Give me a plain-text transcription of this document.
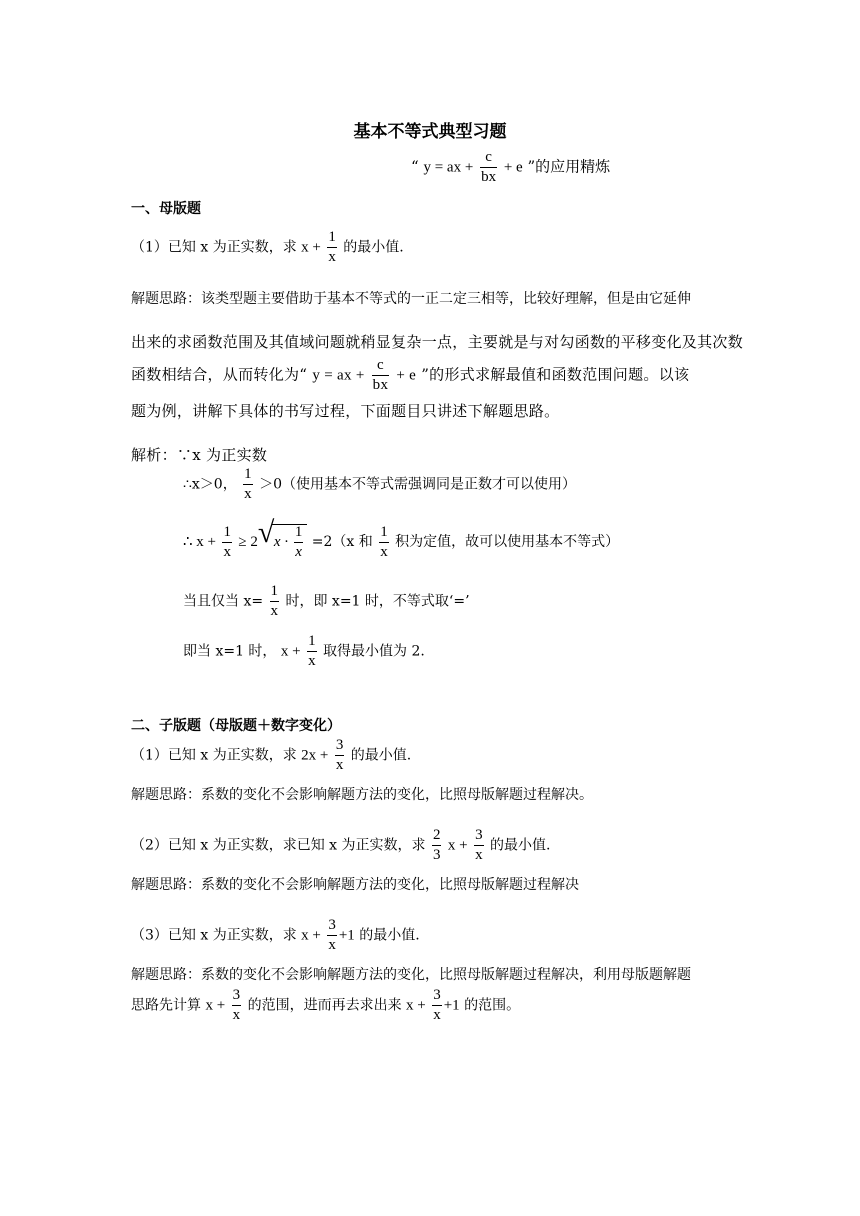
基本不等式典型习题
“ y = ax + $\frac{c}{bx} + e$ ”的应用精炼
一、母版题
（1）已知 x 为正实数，求 $x + \frac{1}{x}$ 的最小值.
解题思路：该类型题主要借助于基本不等式的一正二定三相等，比较好理解，但是由它延伸
出来的求函数范围及其值域问题就稍显复杂一点，主要就是与对勾函数的平移变化及其次数
函数相结合，从而转化为“ y = ax + $\frac{c}{bx} + e$ ”的形式求解最值和函数范围问题。以该
题为例，讲解下具体的书写过程，下面题目只讲述下解题思路。
解析：∵x 为正实数
∴x＞0， $\frac{1}{x} >0$（使用基本不等式需强调同是正数才可以使用）
∴ $x + \frac{1}{x} \ge 2$ √ $x \cdot \frac{1}{x} =2(x$ 和 $\frac{1}{x}$ 积为定值，故可以使用基本不等式）
当且仅当 $x= \frac{1}{x}$ 时，即 x=1 时，不等式取‘=’
即当 x=1 时， $x + \frac{1}{x}$ 取得最小值为 2.
二、子版题（母版题＋数字变化）
（1）已知 x 为正实数，求 $2x + \frac{3}{x}$ 的最小值.
解题思路：系数的变化不会影响解题方法的变化，比照母版解题过程解决。
（2）已知 x 为正实数，求已知 x 为正实数，求 $\frac{2}{3}$ $x + \frac{3}{x}$ 的最小值.
解题思路：系数的变化不会影响解题方法的变化，比照母版解题过程解决
（3）已知 x 为正实数，求 $x + \frac{3}{x} +1$ 的最小值.
解题思路：系数的变化不会影响解题方法的变化，比照母版解题过程解决，利用母版题解题
思路先计算 $x + \frac{3}{x}$ 的范围，进而再去求出来 $x + \frac{3}{x} +1$ 的范围。
